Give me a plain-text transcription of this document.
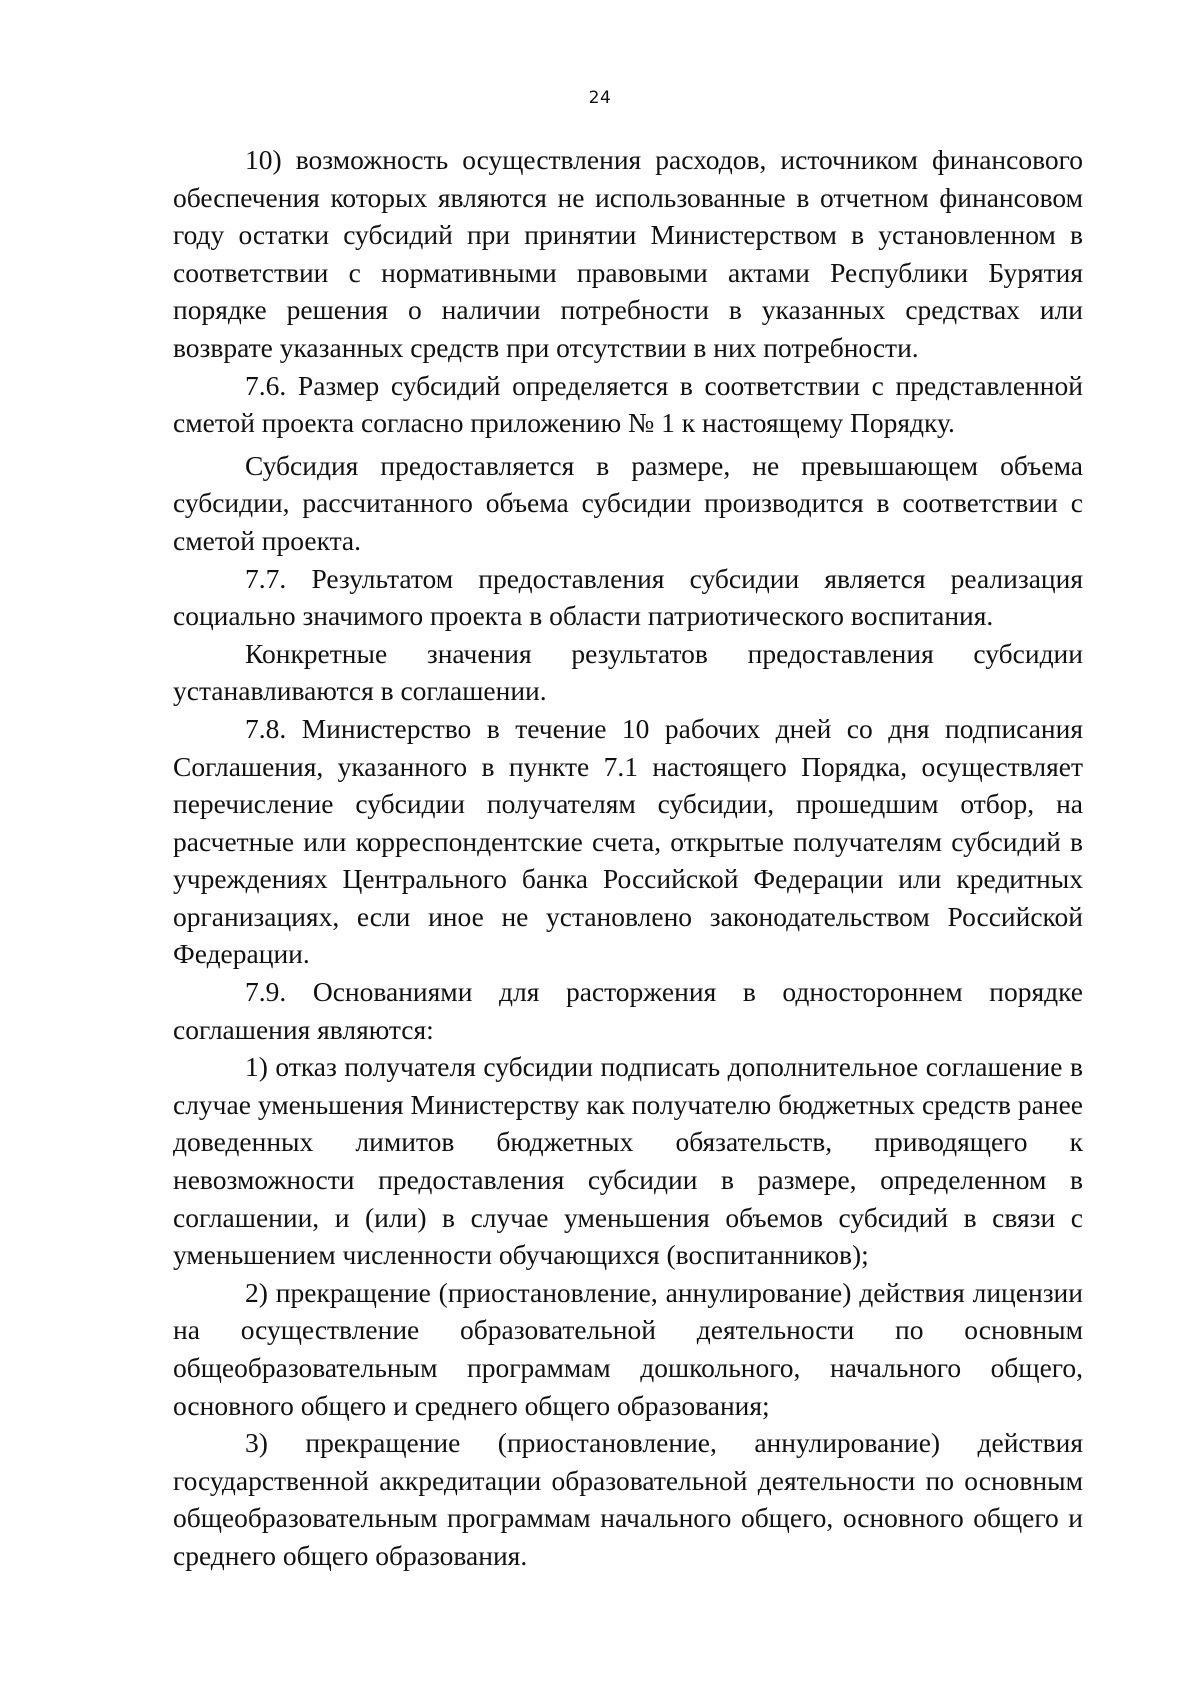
24

10) возможность осуществления расходов, источником финансового обеспечения которых являются не использованные в отчетном финансовом году остатки субсидий при принятии Министерством в установленном в соответствии с нормативными правовыми актами Республики Бурятия порядке решения о наличии потребности в указанных средствах или возврате указанных средств при отсутствии в них потребности.

7.6. Размер субсидий определяется в соответствии с представленной сметой проекта согласно приложению № 1 к настоящему Порядку.

Субсидия предоставляется в размере, не превышающем объема субсидии, рассчитанного объема субсидии производится в соответствии с сметой проекта.

7.7. Результатом предоставления субсидии является реализация социально значимого проекта в области патриотического воспитания.

Конкретные значения результатов предоставления субсидии устанавливаются в соглашении.

7.8. Министерство в течение 10 рабочих дней со дня подписания Соглашения, указанного в пункте 7.1 настоящего Порядка, осуществляет перечисление субсидии получателям субсидии, прошедшим отбор, на расчетные или корреспондентские счета, открытые получателям субсидий в учреждениях Центрального банка Российской Федерации или кредитных организациях, если иное не установлено законодательством Российской Федерации.

7.9. Основаниями для расторжения в одностороннем порядке соглашения являются:

1) отказ получателя субсидии подписать дополнительное соглашение в случае уменьшения Министерству как получателю бюджетных средств ранее доведенных лимитов бюджетных обязательств, приводящего к невозможности предоставления субсидии в размере, определенном в соглашении, и (или) в случае уменьшения объемов субсидий в связи с уменьшением численности обучающихся (воспитанников);

2) прекращение (приостановление, аннулирование) действия лицензии на осуществление образовательной деятельности по основным общеобразовательным программам дошкольного, начального общего, основного общего и среднего общего образования;

3) прекращение (приостановление, аннулирование) действия государственной аккредитации образовательной деятельности по основным общеобразовательным программам начального общего, основного общего и среднего общего образования.
